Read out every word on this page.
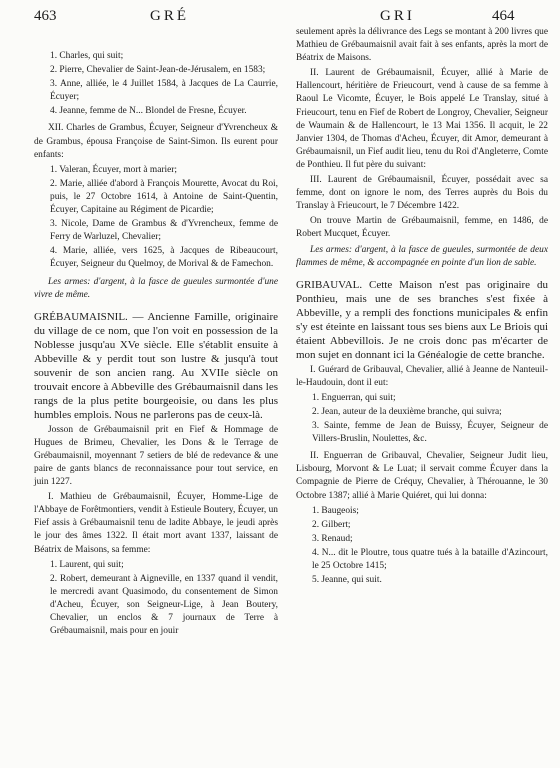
463	GRÉ	GRI	464
1. Charles, qui suit;
2. Pierre, Chevalier de Saint-Jean-de-Jérusalem, en 1583;
3. Anne, alliée, le 4 Juillet 1584, à Jacques de La Caurrie, Écuyer;
4. Jeanne, femme de N... Blondel de Fresne, Écuyer.

XII. Charles de Grambus, Écuyer, Seigneur d'Yvrencheux & de Grambus, épousa Françoise de Saint-Simon. Ils eurent pour enfants:

1. Valeran, Écuyer, mort à marier;
2. Marie, alliée d'abord à François Mourette, Avocat du Roi, puis, le 27 Octobre 1614, à Antoine de Saint-Quentin, Écuyer, Capitaine au Régiment de Picardie;
3. Nicole, Dame de Grambus & d'Yvrencheux, femme de Ferry de Warluzel, Chevalier;
4. Marie, alliée, vers 1625, à Jacques de Ribeaucourt, Écuyer, Seigneur du Quelmoy, de Morival & de Famechon.

Les armes: d'argent, à la fasce de gueules surmontée d'une vivre de même.

GRÉBAUMAISNIL. — Ancienne Famille, originaire du village de ce nom, que l'on voit en possession de la Noblesse jusqu'au XVe siècle. Elle s'établit ensuite à Abbeville & y perdit tout son lustre & jusqu'à tout souvenir de son ancien rang. Au XVIIe siècle on trouvait encore à Abbeville des Grébaumaisnil dans les rangs de la plus petite bourgeoisie, ou dans les plus humbles emplois. Nous ne parlerons pas de ceux-là.

Josson de Grébaumaisnil prit en Fief & Hommage de Hugues de Brimeu, Chevalier, les Dons & le Terrage de Grébaumaisnil, moyennant 7 setiers de blé de redevance & une paire de gants blancs de reconnaissance pour tout service, en juin 1227.

I. Mathieu de Grébaumaisnil, Écuyer, Homme-Lige de l'Abbaye de Forêtmontiers, vendit à Estieule Boutery, Écuyer, un Fief assis à Grébaumaisnil tenu de ladite Abbaye, le jeudi après le jour des âmes 1322. Il était mort avant 1337, laissant de Béatrix de Maisons, sa femme:

1. Laurent, qui suit;
2. Robert, demeurant à Aigneville, en 1337 quand il vendit, le mercredi avant Quasimodo, du consentement de Simon d'Acheu, Écuyer, son Seigneur-Lige, à Jean Boutery, Chevalier, un enclos & 7 journaux de Terre à Grébaumaisnil, mais pour en jouir

seulement après la délivrance des Legs se montant à 200 livres que Mathieu de Grébaumaisnil avait fait à ses enfants, après la mort de Béatrix de Maisons.

II. Laurent de Grébaumaisnil, Écuyer, allié à Marie de Hallencourt, héritière de Frieucourt, vend à cause de sa femme à Raoul Le Vicomte, Écuyer, le Bois appelé Le Translay, situé à Frieucourt, tenu en Fief de Robert de Longroy, Chevalier, Seigneur de Waumain & de Hallencourt, le 13 Mai 1356. Il acquit, le 22 Janvier 1304, de Thomas d'Acheu, Écuyer, dit Amor, demeurant à Grébaumaisnil, un Fief audit lieu, tenu du Roi d'Angleterre, Comte de Ponthieu. Il fut père du suivant:

III. Laurent de Grébaumaisnil, Écuyer, possédait avec sa femme, dont on ignore le nom, des Terres auprès du Bois du Translay à Frieucourt, le 7 Décembre 1422.

On trouve Martin de Grébaumaisnil, femme, en 1486, de Robert Mucquet, Écuyer.

Les armes: d'argent, à la fasce de gueules, surmontée de deux flammes de même, & accompagnée en pointe d'un lion de sable.

GRIBAUVAL. Cette Maison n'est pas originaire du Ponthieu, mais une de ses branches s'est fixée à Abbeville, y a rempli des fonctions municipales & enfin s'y est éteinte en laissant tous ses biens aux Le Briois qui étaient Abbevillois. Je ne crois donc pas m'écarter de mon sujet en donnant ici la Généalogie de cette branche.

I. Guérard de Gribauval, Chevalier, allié à Jeanne de Nanteuil-le-Haudouin, dont il eut:

1. Enguerran, qui suit;
2. Jean, auteur de la deuxième branche, qui suivra;
3. Sainte, femme de Jean de Buissy, Écuyer, Seigneur de Villers-Bruslin, Noulettes, &c.

II. Enguerran de Gribauval, Chevalier, Seigneur Judit lieu, Lisbourg, Morvont & Le Luat; il servait comme Écuyer dans la Compagnie de Pierre de Créquy, Chevalier, à Thérouanne, le 30 Octobre 1387; allié à Marie Quiéret, qui lui donna:

1. Baugeois;
2. Gilbert;
3. Renaud;
4. N... dit le Ploutre, tous quatre tués à la bataille d'Azincourt, le 25 Octobre 1415;
5. Jeanne, qui suit.
